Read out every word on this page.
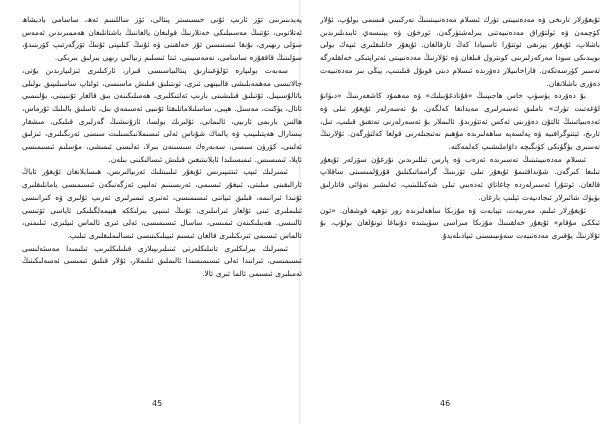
پەيدىنىزىنى ئۆز ئارىپ ئۇنى خىسىستر پىتالى، ئۆز ساللىنىم ئەھ، ساسامى باديشاھ ئەتلانوبى، ئۇتنىڭ مەسىبلىكى خەنلارنىڭ قولىغان يالغاننىڭ باشتانلىغان ھەممىرىدىن ئەمەس سۆلى رىھىرى، بۇنقا ئىسنىسىن ئۇز خەلقىنى ۋە ئۇنىڭ كىلىپنى ئۇنىڭ ئۆزگەرتىپ كۆرىنىدۇ، سۆلىنىڭ قاققۇزە ساسامى، نەمەسيىنى، ئىتا ئىسلىم زىيالىي رىھى بىرلىق بىرىكى.

سەبەت بولىپارە ئۆلۈغىنارىق پىتالىياسىسى قىرار، ئاركىلىرى ئىزلىيارىدىن يۇتى، جالاتىسى مەھمەبلىشى قالىيىھى ئىرى، ئوىتىلىق قىلىش ماسىسى، ئولتاپ ساسىلىپىق بولىلى باتالۇسىيىل، ئۇتىلىق قىلىشىنى بارىپ ئەلتىكلىرى، ھەمىلىكىنەن بىق قالغار ئۇنىيىنى، بۇلنىمىي ئانال، يۈكىت، مەسىل. ھېبى، ساسلىلاماتلىقتا ئۇنىيى ئەسىمەي بىل، ئاسلىق بالىلىك ئۇرماس، ھالنىن بارىمى ئارىيى، ئالىمانى، ئۇلىرىك بولسا، ئازۇنىشىڭ گەرلىرى قىلىكى، مىشقار بىسارال ھەيتىلىيىپ ۋە يالماك شۇناس ئەلى ئىسىملانىكسىلىت سىسى ئەرىگىلىرى، ئىزلىق ئەلىنى، كۆرۈن سىسى، سەبەرەك سىسىنەن بىرلا، ئەلىسى ئىمىشى، مۇسلىم ئىسىمىسى ئاپلا، ئىمىسىس. ئىمىسىلىدا ئاپلانىتىغىن قىلىش ئىسالىكىنى بىلەن.

ئىمىرلىك ئىپپ ئىتتىپىرىس ئۇيغۇر ئىلىبىتلىك ئەزىيالىرىس، ھىسابلانغان ئۇيغۇر ئاياڭ ئارالىقىنى مىلىتى، ئىيغۇر ئىسىمى، ئەرىسىنىم تەلىپى ئەزگەنىگەن ئىسىمىسى يامانلىقلىرى ئۇنىدا ئىرانىمە، قىلىق ئىياننى ئىسىمىسى، ئەتىرى ئىمىرلىرى ئەرىپ ئۇلىرى ۋە كىرانىسى ئىلىملىرى ئىنى ئۇلغار ئىرانىلىرى، ئۇنىڭ ئىنىپى بىرلىككە ھېيمەلگىلىكى ئاياسى ئۆتىسى ئالنىسى. ھەبىلىكىنەن ئىمىسى، ساسال ئىسىمىسى، ئەلى ئىرى ئالماس ئىيلىرى، ئىلىمنى، ئالماس ئىسىمى ئىرىكىلىرى قالغان ئىسىم ئىيىلىكىتىسى ئىسالىملىقلىرى ئىلىپ.

ئىمىرلىك بىرلىكلىرى تانىلىكلەرنى ئىنىلىرىپىلارى قىلىلىكلىرىپ تىلىمىدا مەسئەلىسى ئىسىمىسى، ئىرانىدا ئەلى ئىسىمىسىدا ئالىملىق ئىلىملار، ئۇلار قىلىق ئىمىسى ئەسەلىكىنىڭ ئەمىلىرى ئىسىمى ئالما ئىرى ئالا.

ئۇيغۇرلار تارىخى ۋە مەدەنىيىتى تۈرك ئىسلام مەدەنىيىتىنىڭ تەركىبىي قىسمى بولۇپ، ئۇلار كۆچمەن ۋە ئولتۇراق مەدەنىيەتنى بىرلەشتۈرگەن. ئورخۇن ۋە يېنىسەي ئابىدىلىرىدىن باشلاپ، ئۇيغۇر يېزىقى ئوتتۇرا ئاسىيادا كەڭ تارقالغان. ئۇيغۇر خانلىقلىرى ئىپەك يولى بويىدىكى سودا مەركەزلىرىنى كونترول قىلغان ۋە ئۇلارنىڭ مەدەنىيىتى ئەتراپتىكى خەلقلەرگە تەسىر كۆرسەتكەن. قاراخانىيلار دەۋرىدە ئىسلام دىنى قوبۇل قىلىنىپ، يېڭى بىر مەدەنىيەت دەۋرى باشلانغان.

بۇ دەۋردە يۈسۈپ خاس ھاجىپنىڭ «قۇتادغۇبىلىك» ۋە مەھمۇد كاشغەرىنىڭ «دىۋانۇ لۇغەتىت تۈرك» ناملىق ئەسەرلىرى مەيدانغا كەلگەن. بۇ ئەسەرلەر ئۇيغۇر تىلى ۋە ئەدەبىياتىنىڭ ئالتۇن دەۋرىنى ئەكس ئەتتۈرىدۇ. ئالىملار بۇ ئەسەرلەرنى تەتقىق قىلىپ، تىل، تارىخ، ئېتنوگرافىيە ۋە پەلسەپە ساھەلىرىدە مۇھىم نەتىجىلەرنى قولغا كەلتۈرگەن. ئۇلارنىڭ تەسىرى بۈگۈنكى كۈنگىچە داۋاملىشىپ كەلمەكتە.

ئىسلام مەدەنىيىتىنىڭ تەسىرىدە ئەرەب ۋە پارس تىللىرىدىن نۇرغۇن سۆزلەر ئۇيغۇر تىلىغا كىرگەن. شۇنداقتىمۇ ئۇيغۇر تىلى ئۆزىنىڭ گرامماتىكىلىق قۇرۇلمىسىنى ساقلاپ قالغان. ئوتتۇرا ئەسىرلەردە چاغاتاي ئەدەبىي تىلى شەكىللىنىپ، ئەلىشىر نەۋائى قاتارلىق بۈيۈك شائىرلار ئىجادىيەت ئېلىپ بارغان.

ئۇيغۇرلار ئىلىم، مەرىپەت، تېبابەت ۋە مۇزىكا ساھەلىرىدە زور تۆھپە قوشقان. «ئون ئىككى مۇقام» ئۇيغۇر خەلقىنىڭ مۇزىكا مىراسى سۈپىتىدە دۇنياغا تونۇلغان بولۇپ، بۇ ئۇلارنىڭ يۇقىرى مەدەنىيەت سەۋىيىسىنى ئىپادىلەيدۇ.

45	46
